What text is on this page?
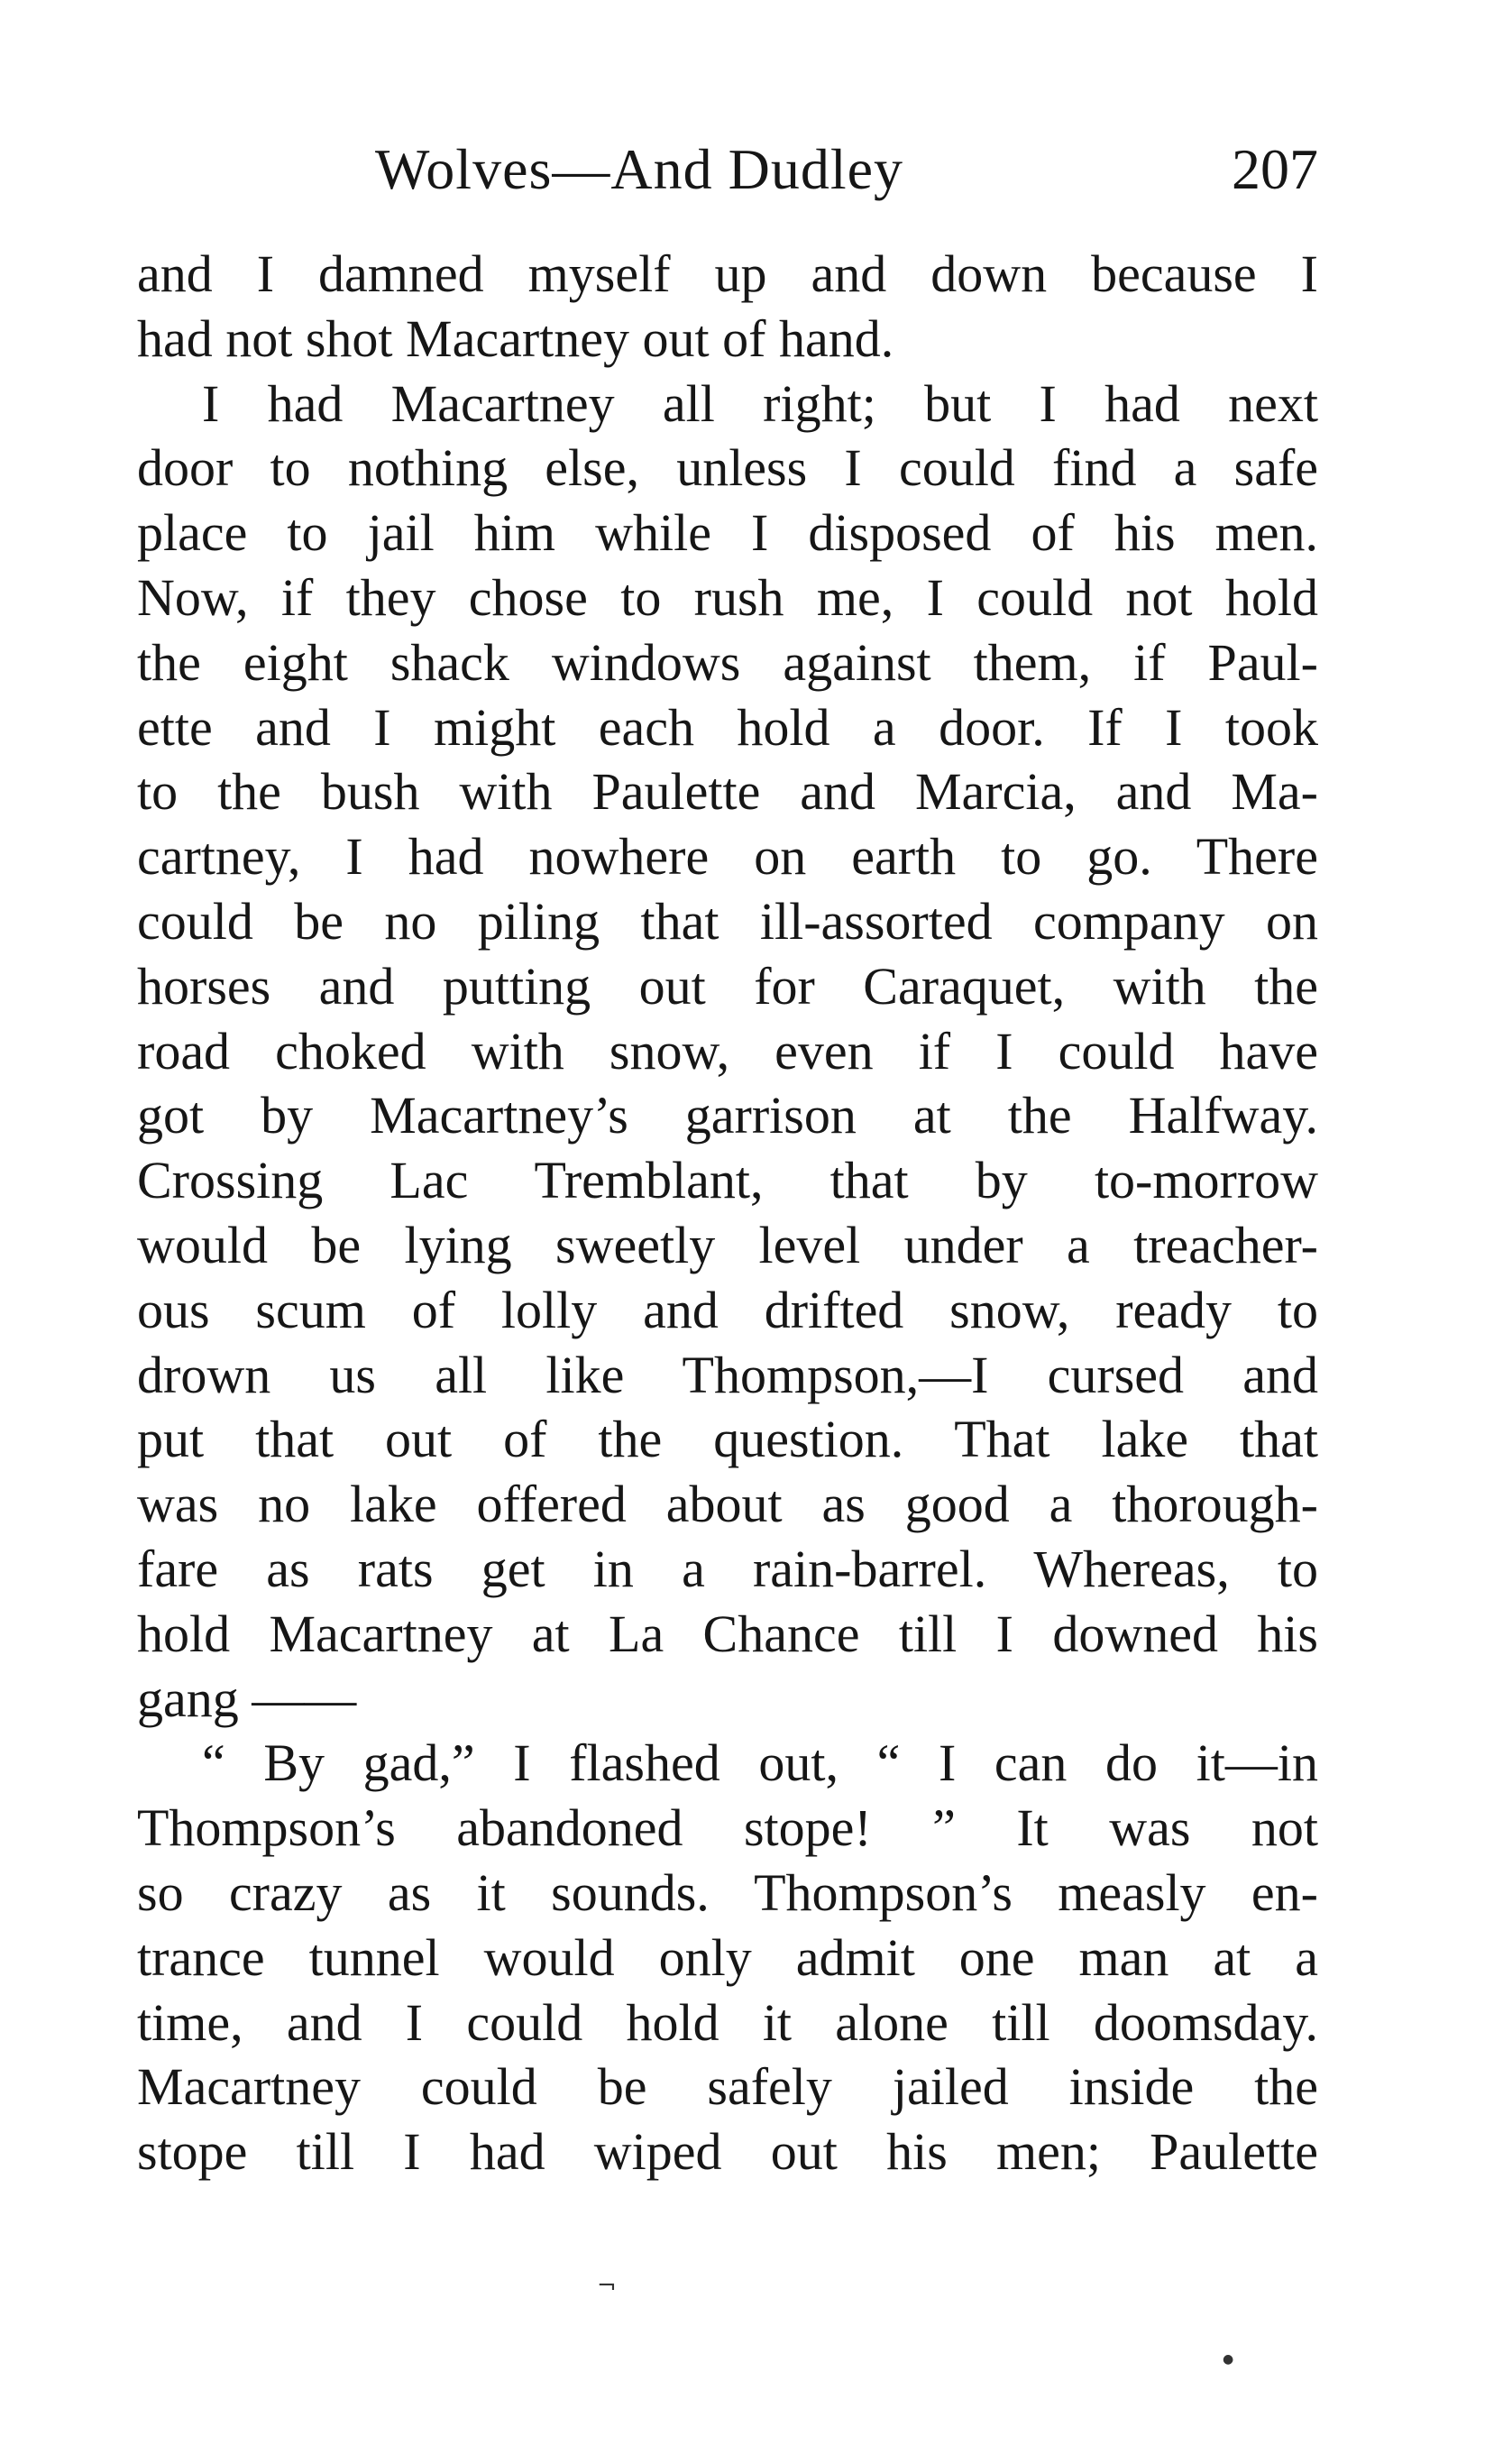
Wolves—And Dudley	207
and I damned myself up and down because I
had not shot Macartney out of hand.
I had Macartney all right; but I had next
door to nothing else, unless I could find a safe
place to jail him while I disposed of his men.
Now, if they chose to rush me, I could not hold
the eight shack windows against them, if Paul-
ette and I might each hold a door. If I took
to the bush with Paulette and Marcia, and Ma-
cartney, I had nowhere on earth to go. There
could be no piling that ill-assorted company on
horses and putting out for Caraquet, with the
road choked with snow, even if I could have
got by Macartney’s garrison at the Halfway.
Crossing Lac Tremblant, that by to-morrow
would be lying sweetly level under a treacher-
ous scum of lolly and drifted snow, ready to
drown us all like Thompson,—I cursed and
put that out of the question. That lake that
was no lake offered about as good a thorough-
fare as rats get in a rain-barrel. Whereas, to
hold Macartney at La Chance till I downed his
gang ——
“ By gad,” I flashed out, “ I can do it—in
Thompson’s abandoned stope! ” It was not
so crazy as it sounds. Thompson’s measly en-
trance tunnel would only admit one man at a
time, and I could hold it alone till doomsday.
Macartney could be safely jailed inside the
stope till I had wiped out his men; Paulette
¬
●
